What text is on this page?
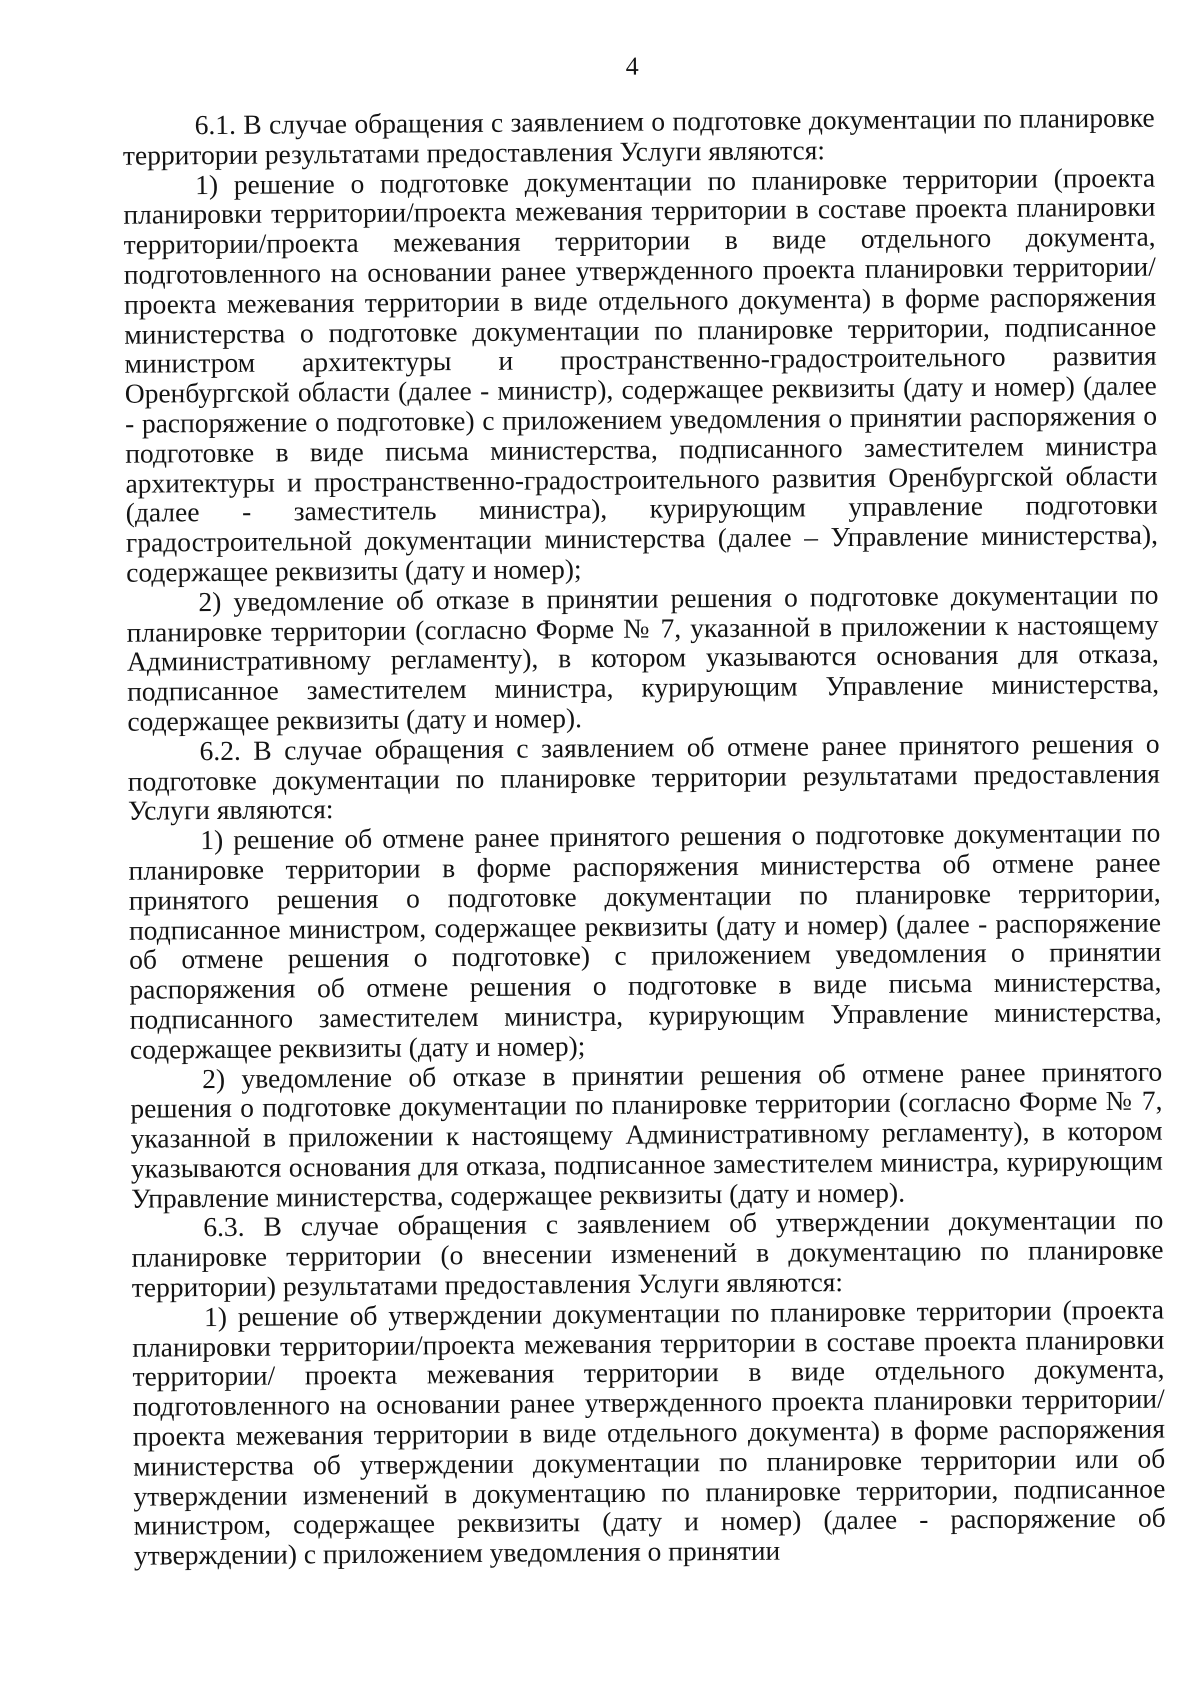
4

6.1. В случае обращения с заявлением о подготовке документации по планировке территории результатами предоставления Услуги являются:

1) решение о подготовке документации по планировке территории (проекта планировки территории/проекта межевания территории в составе проекта планировки территории/проекта межевания территории в виде отдельного документа, подготовленного на основании ранее утвержденного проекта планировки территории/проекта межевания территории в виде отдельного документа) в форме распоряжения министерства о подготовке документации по планировке территории, подписанное министром архитектуры и пространственно-градостроительного развития Оренбургской области (далее - министр), содержащее реквизиты (дату и номер) (далее - распоряжение о подготовке) с приложением уведомления о принятии распоряжения о подготовке в виде письма министерства, подписанного заместителем министра архитектуры и пространственно-градостроительного развития Оренбургской области (далее - заместитель министра), курирующим управление подготовки градостроительной документации министерства (далее – Управление министерства), содержащее реквизиты (дату и номер);

2) уведомление об отказе в принятии решения о подготовке документации по планировке территории (согласно Форме № 7, указанной в приложении к настоящему Административному регламенту), в котором указываются основания для отказа, подписанное заместителем министра, курирующим Управление министерства, содержащее реквизиты (дату и номер).

6.2. В случае обращения с заявлением об отмене ранее принятого решения о подготовке документации по планировке территории результатами предоставления Услуги являются:

1) решение об отмене ранее принятого решения о подготовке документации по планировке территории в форме распоряжения министерства об отмене ранее принятого решения о подготовке документации по планировке территории, подписанное министром, содержащее реквизиты (дату и номер) (далее - распоряжение об отмене решения о подготовке) с приложением уведомления о принятии распоряжения об отмене решения о подготовке в виде письма министерства, подписанного заместителем министра, курирующим Управление министерства, содержащее реквизиты (дату и номер);

2) уведомление об отказе в принятии решения об отмене ранее принятого решения о подготовке документации по планировке территории (согласно Форме № 7, указанной в приложении к настоящему Административному регламенту), в котором указываются основания для отказа, подписанное заместителем министра, курирующим Управление министерства, содержащее реквизиты (дату и номер).

6.3. В случае обращения с заявлением об утверждении документации по планировке территории (о внесении изменений в документацию по планировке территории) результатами предоставления Услуги являются:

1) решение об утверждении документации по планировке территории (проекта планировки территории/проекта межевания территории в составе проекта планировки территории/ проекта межевания территории в виде отдельного документа, подготовленного на основании ранее утвержденного проекта планировки территории/ проекта межевания территории в виде отдельного документа) в форме распоряжения министерства об утверждении документации по планировке территории или об утверждении изменений в документацию по планировке территории, подписанное министром, содержащее реквизиты (дату и номер) (далее - распоряжение об утверждении) с приложением уведомления о принятии
